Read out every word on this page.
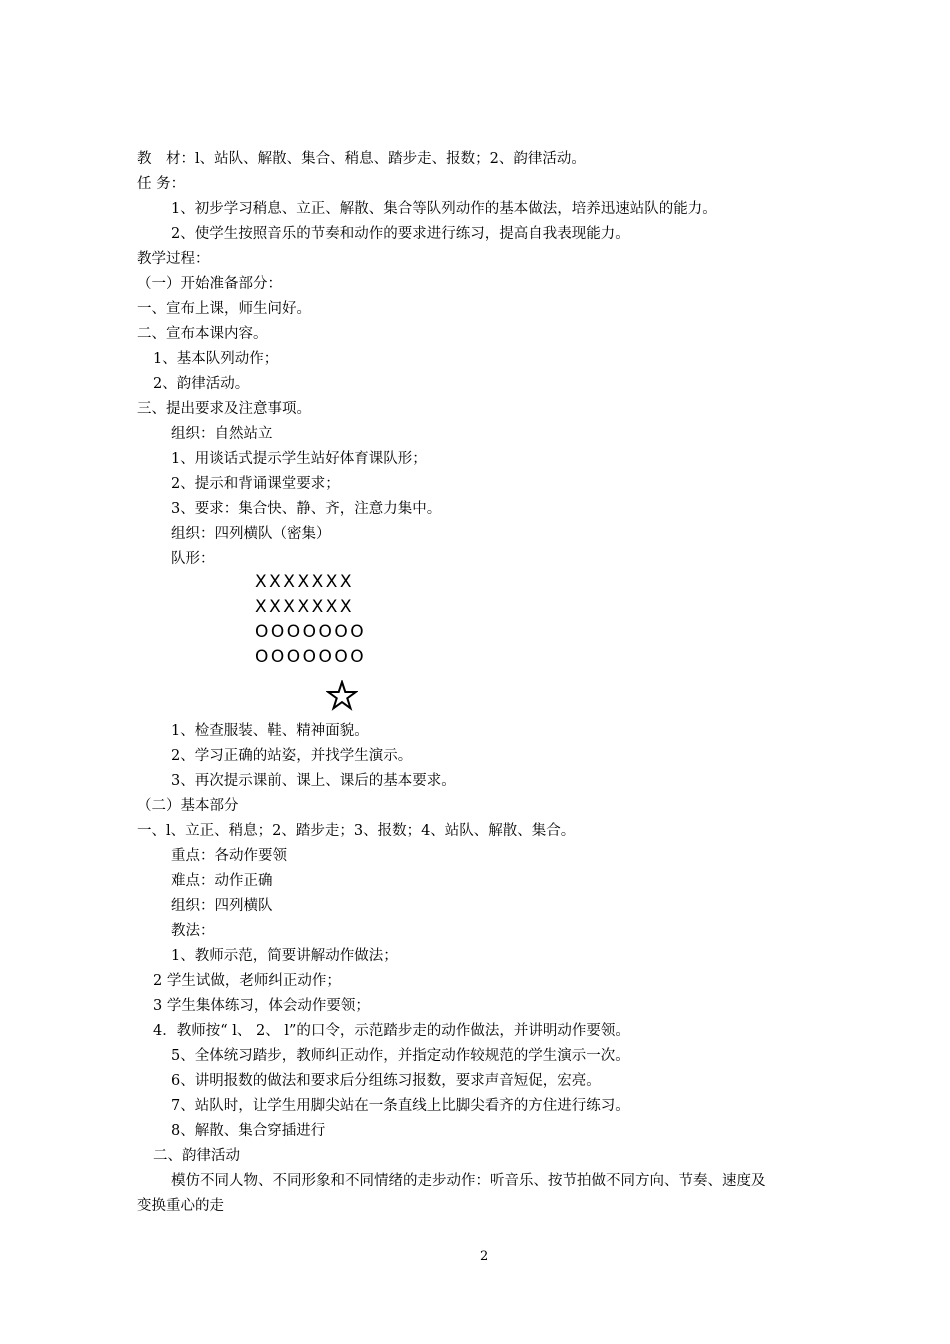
教　材：l、站队、解散、集合、稍息、踏步走、报数；2、韵律活动。
任 务：
1、初步学习稍息、立正、解散、集合等队列动作的基本做法，培养迅速站队的能力。
2、使学生按照音乐的节奏和动作的要求进行练习，提高自我表现能力。
教学过程：
（一）开始准备部分：
一、宣布上课，师生问好。
二、宣布本课内容。
1、基本队列动作；
2、韵律活动。
三、提出要求及注意事项。
组织：自然站立
1、用谈话式提示学生站好体育课队形；
2、提示和背诵课堂要求；
3、要求：集合快、静、齐，注意力集中。
组织：四列横队（密集）
队形：
XXXXXXX
XXXXXXX
OOOOOOO
OOOOOOO
1、检查服装、鞋、精神面貌。
2、学习正确的站姿，并找学生演示。
3、再次提示课前、课上、课后的基本要求。
（二）基本部分
一、l、立正、稍息；2、踏步走；3、报数；4、站队、解散、集合。
重点：各动作要领
难点：动作正确
组织：四列横队
教法：
1、教师示范，简要讲解动作做法；
2 学生试做，老师纠正动作；
3 学生集体练习，体会动作要领；
4．教师按“ l、 2、 l”的口令，示范踏步走的动作做法，并讲明动作要领。
5、全体统习踏步，教师纠正动作，并指定动作较规范的学生演示一次。
6、讲明报数的做法和要求后分组练习报数，要求声音短促，宏亮。
7、站队时，让学生用脚尖站在一条直线上比脚尖看齐的方住进行练习。
8、解散、集合穿插进行
二、韵律活动
模仿不同人物、不同形象和不同情绪的走步动作：听音乐、按节拍做不同方向、节奏、速度及
变换重心的走
2
